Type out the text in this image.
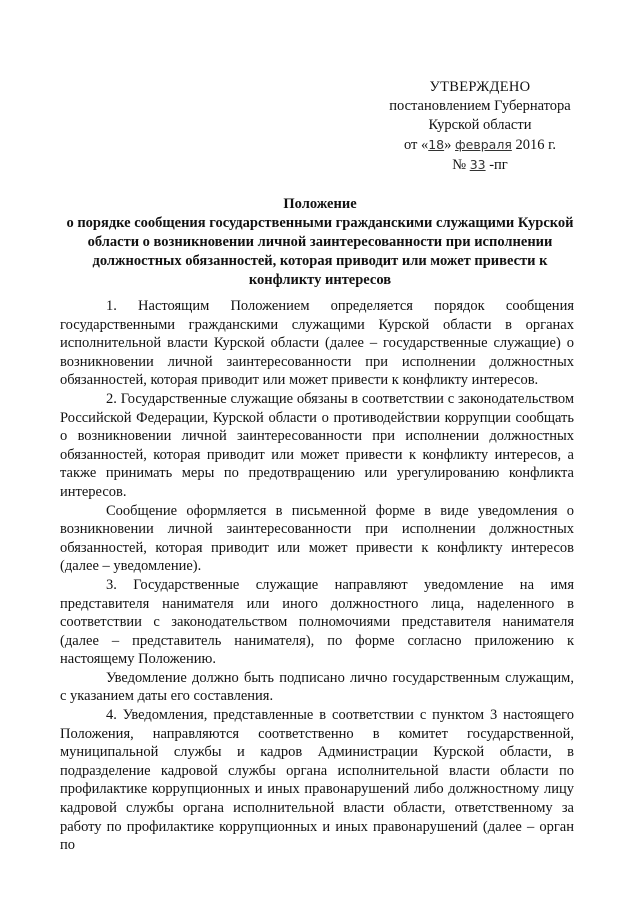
УТВЕРЖДЕНО
постановлением Губернатора
Курской области
от «18» февраля 2016 г.
№ 33 -пг
Положение
о порядке сообщения государственными гражданскими служащими Курской области о возникновении личной заинтересованности при исполнении должностных обязанностей, которая приводит или может привести к конфликту интересов

1. Настоящим Положением определяется порядок сообщения государственными гражданскими служащими Курской области в органах исполнительной власти Курской области (далее – государственные служащие) о возникновении личной заинтересованности при исполнении должностных обязанностей, которая приводит или может привести к конфликту интересов.

2. Государственные служащие обязаны в соответствии с законодательством Российской Федерации, Курской области о противодействии коррупции сообщать о возникновении личной заинтересованности при исполнении должностных обязанностей, которая приводит или может привести к конфликту интересов, а также принимать меры по предотвращению или урегулированию конфликта интересов.

Сообщение оформляется в письменной форме в виде уведомления о возникновении личной заинтересованности при исполнении должностных обязанностей, которая приводит или может привести к конфликту интересов (далее – уведомление).

3. Государственные служащие направляют уведомление на имя представителя нанимателя или иного должностного лица, наделенного в соответствии с законодательством полномочиями представителя нанимателя (далее – представитель нанимателя), по форме согласно приложению к настоящему Положению.

Уведомление должно быть подписано лично государственным служащим, с указанием даты его составления.

4. Уведомления, представленные в соответствии с пунктом 3 настоящего Положения, направляются соответственно в комитет государственной, муниципальной службы и кадров Администрации Курской области, в подразделение кадровой службы органа исполнительной власти области по профилактике коррупционных и иных правонарушений либо должностному лицу кадровой службы органа исполнительной власти области, ответственному за работу по профилактике коррупционных и иных правонарушений (далее – орган по
